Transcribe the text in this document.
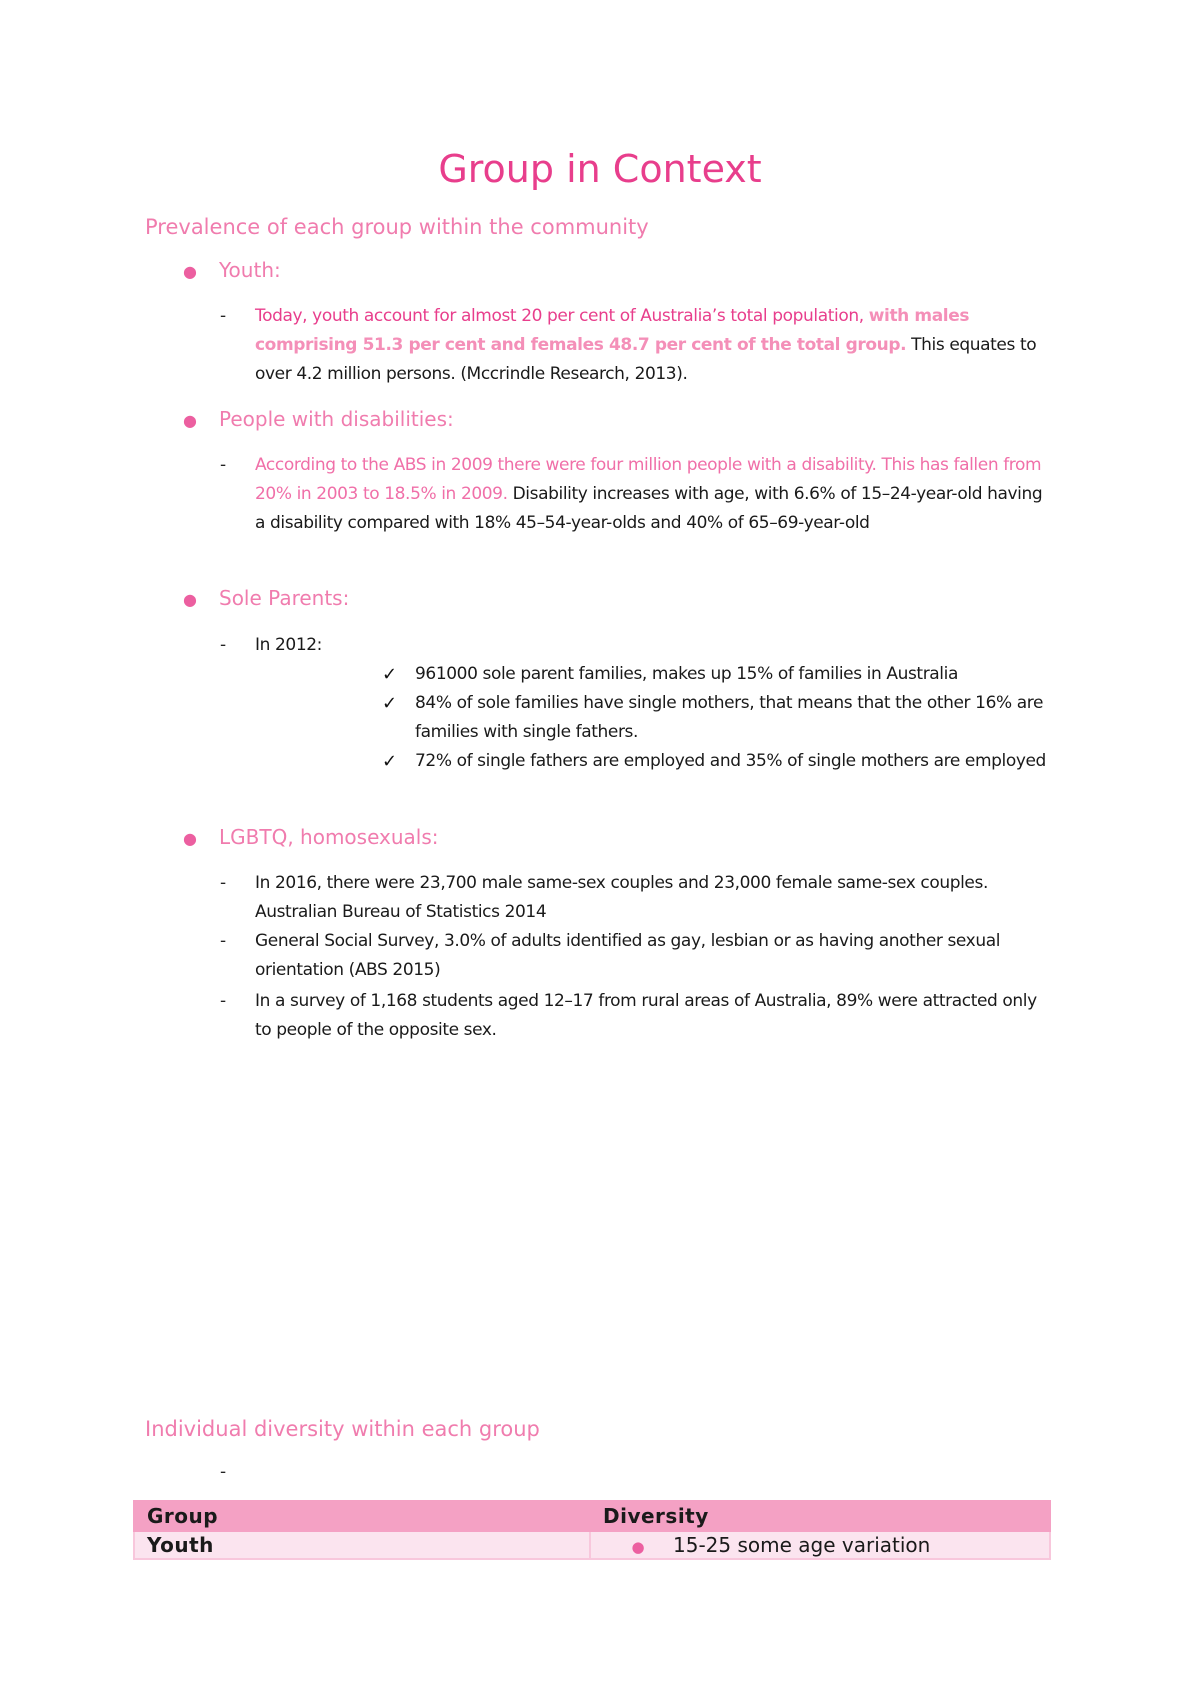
Group in Context
Prevalence of each group within the community
● Youth:
- Today, youth account for almost 20 per cent of Australia’s total population, with males comprising 51.3 per cent and females 48.7 per cent of the total group. This equates to over 4.2 million persons. (Mccrindle Research, 2013).
● People with disabilities:
- According to the ABS in 2009 there were four million people with a disability. This has fallen from 20% in 2003 to 18.5% in 2009. Disability increases with age, with 6.6% of 15–24-year-old having a disability compared with 18% 45–54-year-olds and 40% of 65–69-year-old
● Sole Parents:
- In 2012:
✓ 961000 sole parent families, makes up 15% of families in Australia
✓ 84% of sole families have single mothers, that means that the other 16% are families with single fathers.
✓ 72% of single fathers are employed and 35% of single mothers are employed
● LGBTQ, homosexuals:
- In 2016, there were 23,700 male same-sex couples and 23,000 female same-sex couples. Australian Bureau of Statistics 2014
- General Social Survey, 3.0% of adults identified as gay, lesbian or as having another sexual orientation (ABS 2015)
- In a survey of 1,168 students aged 12–17 from rural areas of Australia, 89% were attracted only to people of the opposite sex.
Individual diversity within each group
-
Group	Diversity
Youth	● 15-25 some age variation
